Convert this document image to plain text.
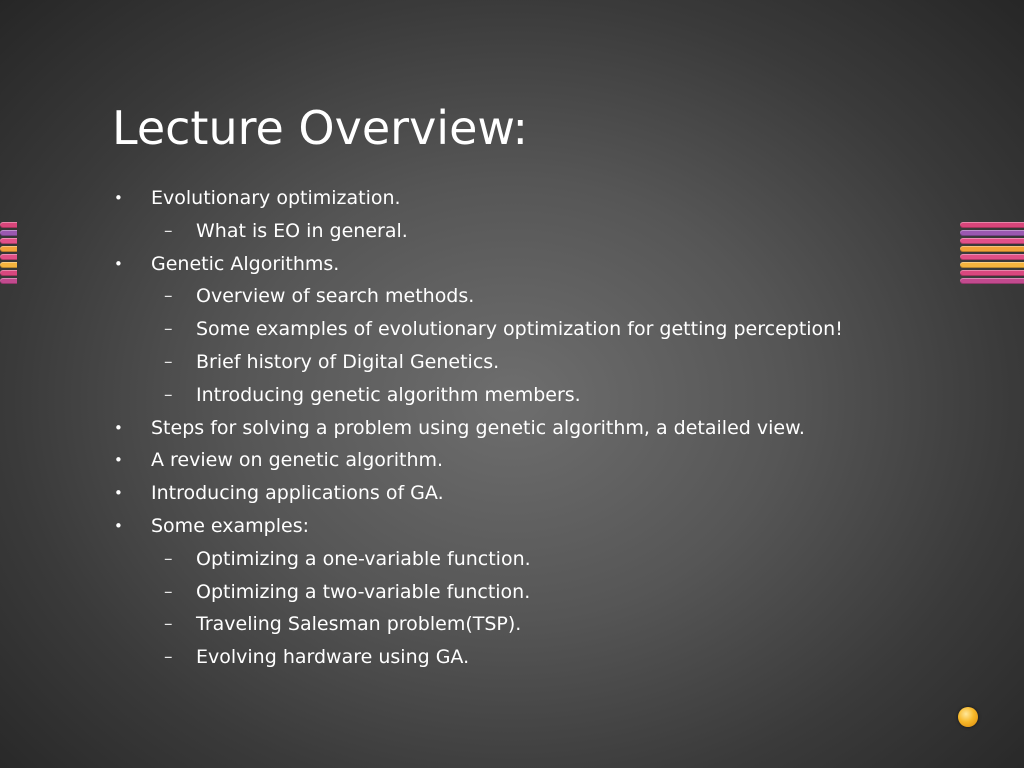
Lecture Overview:
• Evolutionary optimization.
– What is EO in general.
• Genetic Algorithms.
– Overview of search methods.
– Some examples of evolutionary optimization for getting perception!
– Brief history of Digital Genetics.
– Introducing genetic algorithm members.
• Steps for solving a problem using genetic algorithm, a detailed view.
• A review on genetic algorithm.
• Introducing applications of GA.
• Some examples:
– Optimizing a one-variable function.
– Optimizing a two-variable function.
– Traveling Salesman problem(TSP).
– Evolving hardware using GA.
